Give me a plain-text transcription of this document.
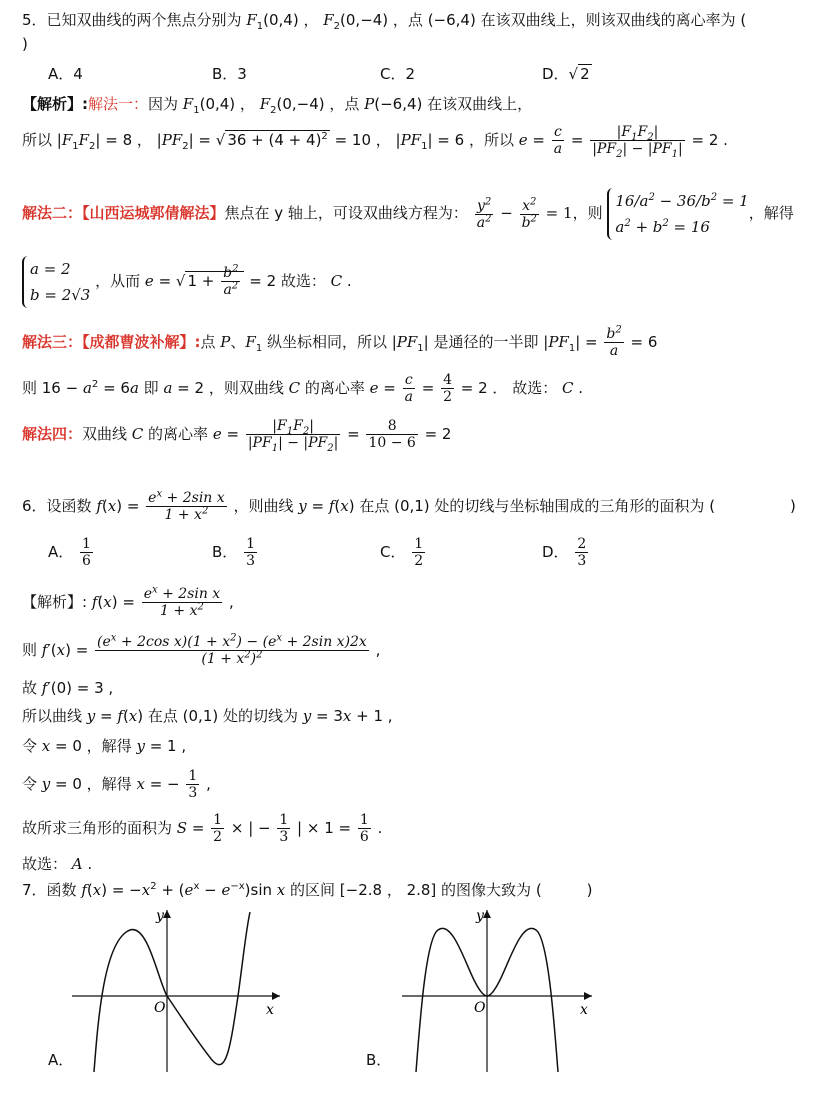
5．已知双曲线的两个焦点分别为 $F_1(0,4)$ ， $F_2(0,-4)$ ，点 (−6,4) 在该双曲线上，则该双曲线的离心率为 (
)
A．4	B．3	C．2	D．√ 2
【解析】:解法一：因为 $F_1(0,4)$ ， $F_2(0,-4)$ ，点 P(−6,4) 在该双曲线上，
所以 $|F_1F_2| = 8$ ， $|PF_2|$ = √ $36 + (4 + 4)^2 = 10$ ， $|PF_1| = 6$ ，所以 $e = \frac{c}{a} = \frac{|F_1F_2|}{|PF_2| - |PF_1|} = 2$ .
解法二：【山西运城郭倩解法】焦点在 y 轴上，可设双曲线方程为： $\frac{y^2}{a^2} - \frac{x^2}{b^2} = 1$，则
$16/a^2 - 36/b^2 = 1$
$a^2 + b^2 = 16$
，解得
a = 2
b = 2√3
，从而 e = √ $1 + \frac{b^2}{a^2} = 2$ 故选： C .
解法三：【成都曹波补解】:点 P、$F_1$ 纵坐标相同，所以 $|PF_1|$ 是通径的一半即 $|PF_1| = \frac{b^2}{a} = 6$
则 $16 - a^2 = 6a$ 即 a = 2 ，则双曲线 C 的离心率 $e = \frac{c}{a} = \frac{4}{2} = 2$ ． 故选： C .
解法四：双曲线 C 的离心率 $e = \frac{|F_1F_2|}{|PF_1| - |PF_2|} = \frac{8}{10 - 6} = 2$
6．设函数 $f(x) = \frac{e^x + 2\sin x}{1 + x^2}$ ，则曲线 y = f(x) 在点 (0,1) 处的切线与坐标轴围成的三角形的面积为 (	)
A． $\frac{1}{6}$	B． $\frac{1}{3}$	C． $\frac{1}{2}$	D． $\frac{2}{3}$
【解析】: $f(x) = \frac{e^x + 2\sin x}{1 + x^2}$ ,
则 $f'(x) = \frac{(e^x + 2\cos x)(1 + x^2) - (e^x + 2\sin x)2x}{(1 + x^2)^2}$ ,
故 f′(0) = 3 ,
所以曲线 y = f(x) 在点 (0,1) 处的切线为 y = 3x + 1 ,
令 x = 0 ，解得 y = 1 ,
令 y = 0 ，解得 x = − $\frac{1}{3}$ ,
故所求三角形的面积为 $S = \frac{1}{2}$ × | − $\frac{1}{3}$ | × $1 = \frac{1}{6}$ .
故选： A .
7．函数 $f(x) = -x^2 + (e^x - e^{-x})\sin$ x 的区间 [−2.8 ， 2.8] 的图像大致为 (　　　)
O
y
x
A．
O
y
x
B．
